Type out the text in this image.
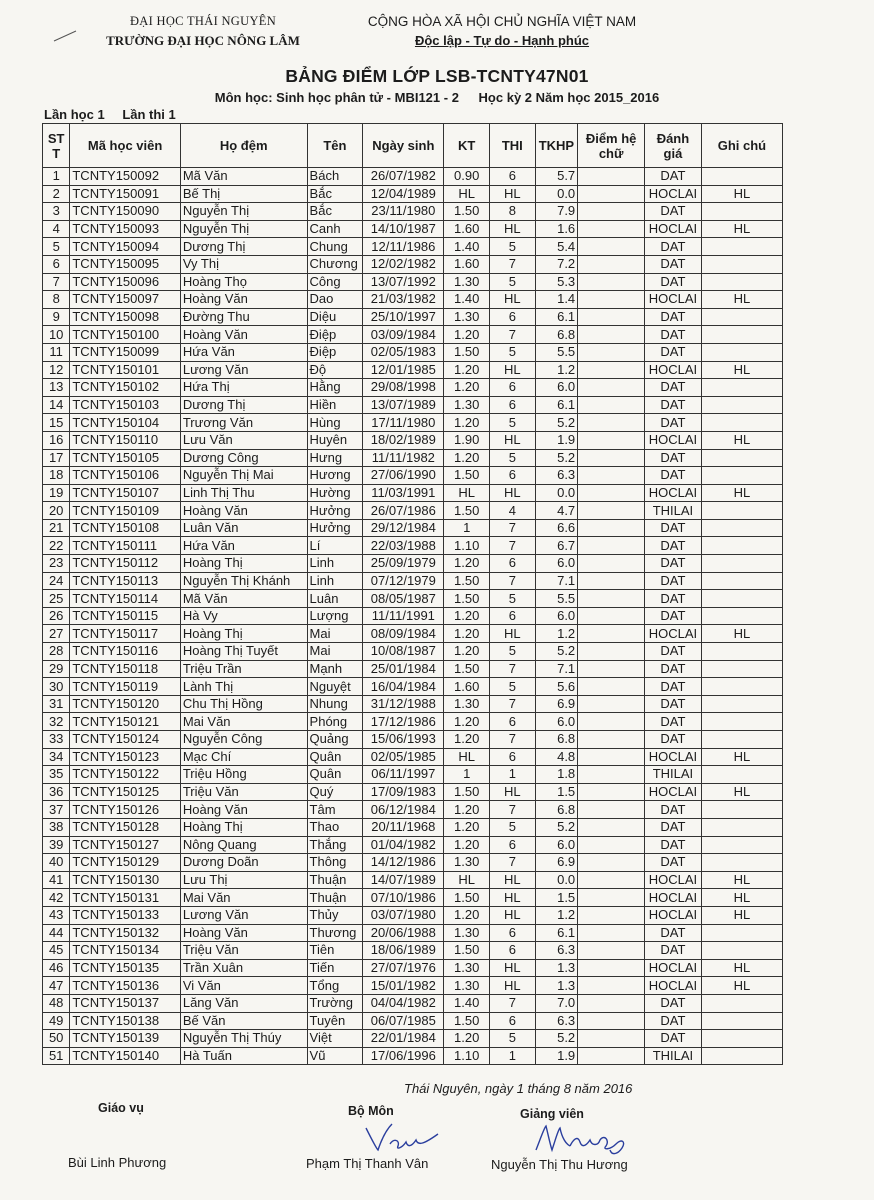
ĐẠI HỌC THÁI NGUYÊN
TRƯỜNG ĐẠI HỌC NÔNG LÂM
CỘNG HÒA XÃ HỘI CHỦ NGHĨA VIỆT NAM
Độc lập - Tự do - Hạnh phúc
BẢNG ĐIỂM LỚP LSB-TCNTY47N01
Môn học: Sinh học phân tử - MBI121 - 2 Học kỳ 2 Năm học 2015_2016
Lần học 1 Lần thi 1
ST T	Mã học viên	Họ đệm	Tên	Ngày sinh	KT	THI	TKHP	Điểm hệ chữ	Đánh giá	Ghi chú
1	TCNTY150092	Mã Văn	Bách	26/07/1982	0.90	6	5.7		DAT	
2	TCNTY150091	Bế Thị	Bắc	12/04/1989	HL	HL	0.0		HOCLAI	HL
3	TCNTY150090	Nguyễn Thị	Bắc	23/11/1980	1.50	8	7.9		DAT	
4	TCNTY150093	Nguyễn Thị	Canh	14/10/1987	1.60	HL	1.6		HOCLAI	HL
5	TCNTY150094	Dương Thị	Chung	12/11/1986	1.40	5	5.4		DAT	
6	TCNTY150095	Vy Thị	Chương	12/02/1982	1.60	7	7.2		DAT	
7	TCNTY150096	Hoàng Thọ	Công	13/07/1992	1.30	5	5.3		DAT	
8	TCNTY150097	Hoàng Văn	Dao	21/03/1982	1.40	HL	1.4		HOCLAI	HL
9	TCNTY150098	Đường Thu	Diệu	25/10/1997	1.30	6	6.1		DAT	
10	TCNTY150100	Hoàng Văn	Điệp	03/09/1984	1.20	7	6.8		DAT	
11	TCNTY150099	Hứa Văn	Điệp	02/05/1983	1.50	5	5.5		DAT	
12	TCNTY150101	Lương Văn	Độ	12/01/1985	1.20	HL	1.2		HOCLAI	HL
13	TCNTY150102	Hứa Thị	Hằng	29/08/1998	1.20	6	6.0		DAT	
14	TCNTY150103	Dương Thị	Hiền	13/07/1989	1.30	6	6.1		DAT	
15	TCNTY150104	Trương Văn	Hùng	17/11/1980	1.20	5	5.2		DAT	
16	TCNTY150110	Lưu Văn	Huyên	18/02/1989	1.90	HL	1.9		HOCLAI	HL
17	TCNTY150105	Dương Công	Hưng	11/11/1982	1.20	5	5.2		DAT	
18	TCNTY150106	Nguyễn Thị Mai	Hương	27/06/1990	1.50	6	6.3		DAT	
19	TCNTY150107	Linh Thị Thu	Hường	11/03/1991	HL	HL	0.0		HOCLAI	HL
20	TCNTY150109	Hoàng Văn	Hưởng	26/07/1986	1.50	4	4.7		THILAI	
21	TCNTY150108	Luân Văn	Hưởng	29/12/1984	1	7	6.6		DAT	
22	TCNTY150111	Hứa Văn	Lí	22/03/1988	1.10	7	6.7		DAT	
23	TCNTY150112	Hoàng Thị	Linh	25/09/1979	1.20	6	6.0		DAT	
24	TCNTY150113	Nguyễn Thị Khánh	Linh	07/12/1979	1.50	7	7.1		DAT	
25	TCNTY150114	Mã Văn	Luân	08/05/1987	1.50	5	5.5		DAT	
26	TCNTY150115	Hà Vy	Lượng	11/11/1991	1.20	6	6.0		DAT	
27	TCNTY150117	Hoàng Thị	Mai	08/09/1984	1.20	HL	1.2		HOCLAI	HL
28	TCNTY150116	Hoàng Thị Tuyết	Mai	10/08/1987	1.20	5	5.2		DAT	
29	TCNTY150118	Triệu Trần	Mạnh	25/01/1984	1.50	7	7.1		DAT	
30	TCNTY150119	Lành Thị	Nguyệt	16/04/1984	1.60	5	5.6		DAT	
31	TCNTY150120	Chu Thị Hồng	Nhung	31/12/1988	1.30	7	6.9		DAT	
32	TCNTY150121	Mai Văn	Phóng	17/12/1986	1.20	6	6.0		DAT	
33	TCNTY150124	Nguyễn Công	Quảng	15/06/1993	1.20	7	6.8		DAT	
34	TCNTY150123	Mạc Chí	Quân	02/05/1985	HL	6	4.8		HOCLAI	HL
35	TCNTY150122	Triệu Hồng	Quân	06/11/1997	1	1	1.8		THILAI	
36	TCNTY150125	Triệu Văn	Quý	17/09/1983	1.50	HL	1.5		HOCLAI	HL
37	TCNTY150126	Hoàng Văn	Tâm	06/12/1984	1.20	7	6.8		DAT	
38	TCNTY150128	Hoàng Thị	Thao	20/11/1968	1.20	5	5.2		DAT	
39	TCNTY150127	Nông Quang	Thắng	01/04/1982	1.20	6	6.0		DAT	
40	TCNTY150129	Dương Doãn	Thông	14/12/1986	1.30	7	6.9		DAT	
41	TCNTY150130	Lưu Thị	Thuận	14/07/1989	HL	HL	0.0		HOCLAI	HL
42	TCNTY150131	Mai Văn	Thuận	07/10/1986	1.50	HL	1.5		HOCLAI	HL
43	TCNTY150133	Lương Văn	Thủy	03/07/1980	1.20	HL	1.2		HOCLAI	HL
44	TCNTY150132	Hoàng Văn	Thương	20/06/1988	1.30	6	6.1		DAT	
45	TCNTY150134	Triệu Văn	Tiên	18/06/1989	1.50	6	6.3		DAT	
46	TCNTY150135	Trần Xuân	Tiến	27/07/1976	1.30	HL	1.3		HOCLAI	HL
47	TCNTY150136	Vi Văn	Tổng	15/01/1982	1.30	HL	1.3		HOCLAI	HL
48	TCNTY150137	Lăng Văn	Trường	04/04/1982	1.40	7	7.0		DAT	
49	TCNTY150138	Bế Văn	Tuyên	06/07/1985	1.50	6	6.3		DAT	
50	TCNTY150139	Nguyễn Thị Thúy	Việt	22/01/1984	1.20	5	5.2		DAT	
51	TCNTY150140	Hà Tuấn	Vũ	17/06/1996	1.10	1	1.9		THILAI	
Thái Nguyên, ngày 1 tháng 8 năm 2016
Giáo vụ	Bộ Môn	Giảng viên
Bùi Linh Phương	Phạm Thị Thanh Vân	Nguyễn Thị Thu Hương
